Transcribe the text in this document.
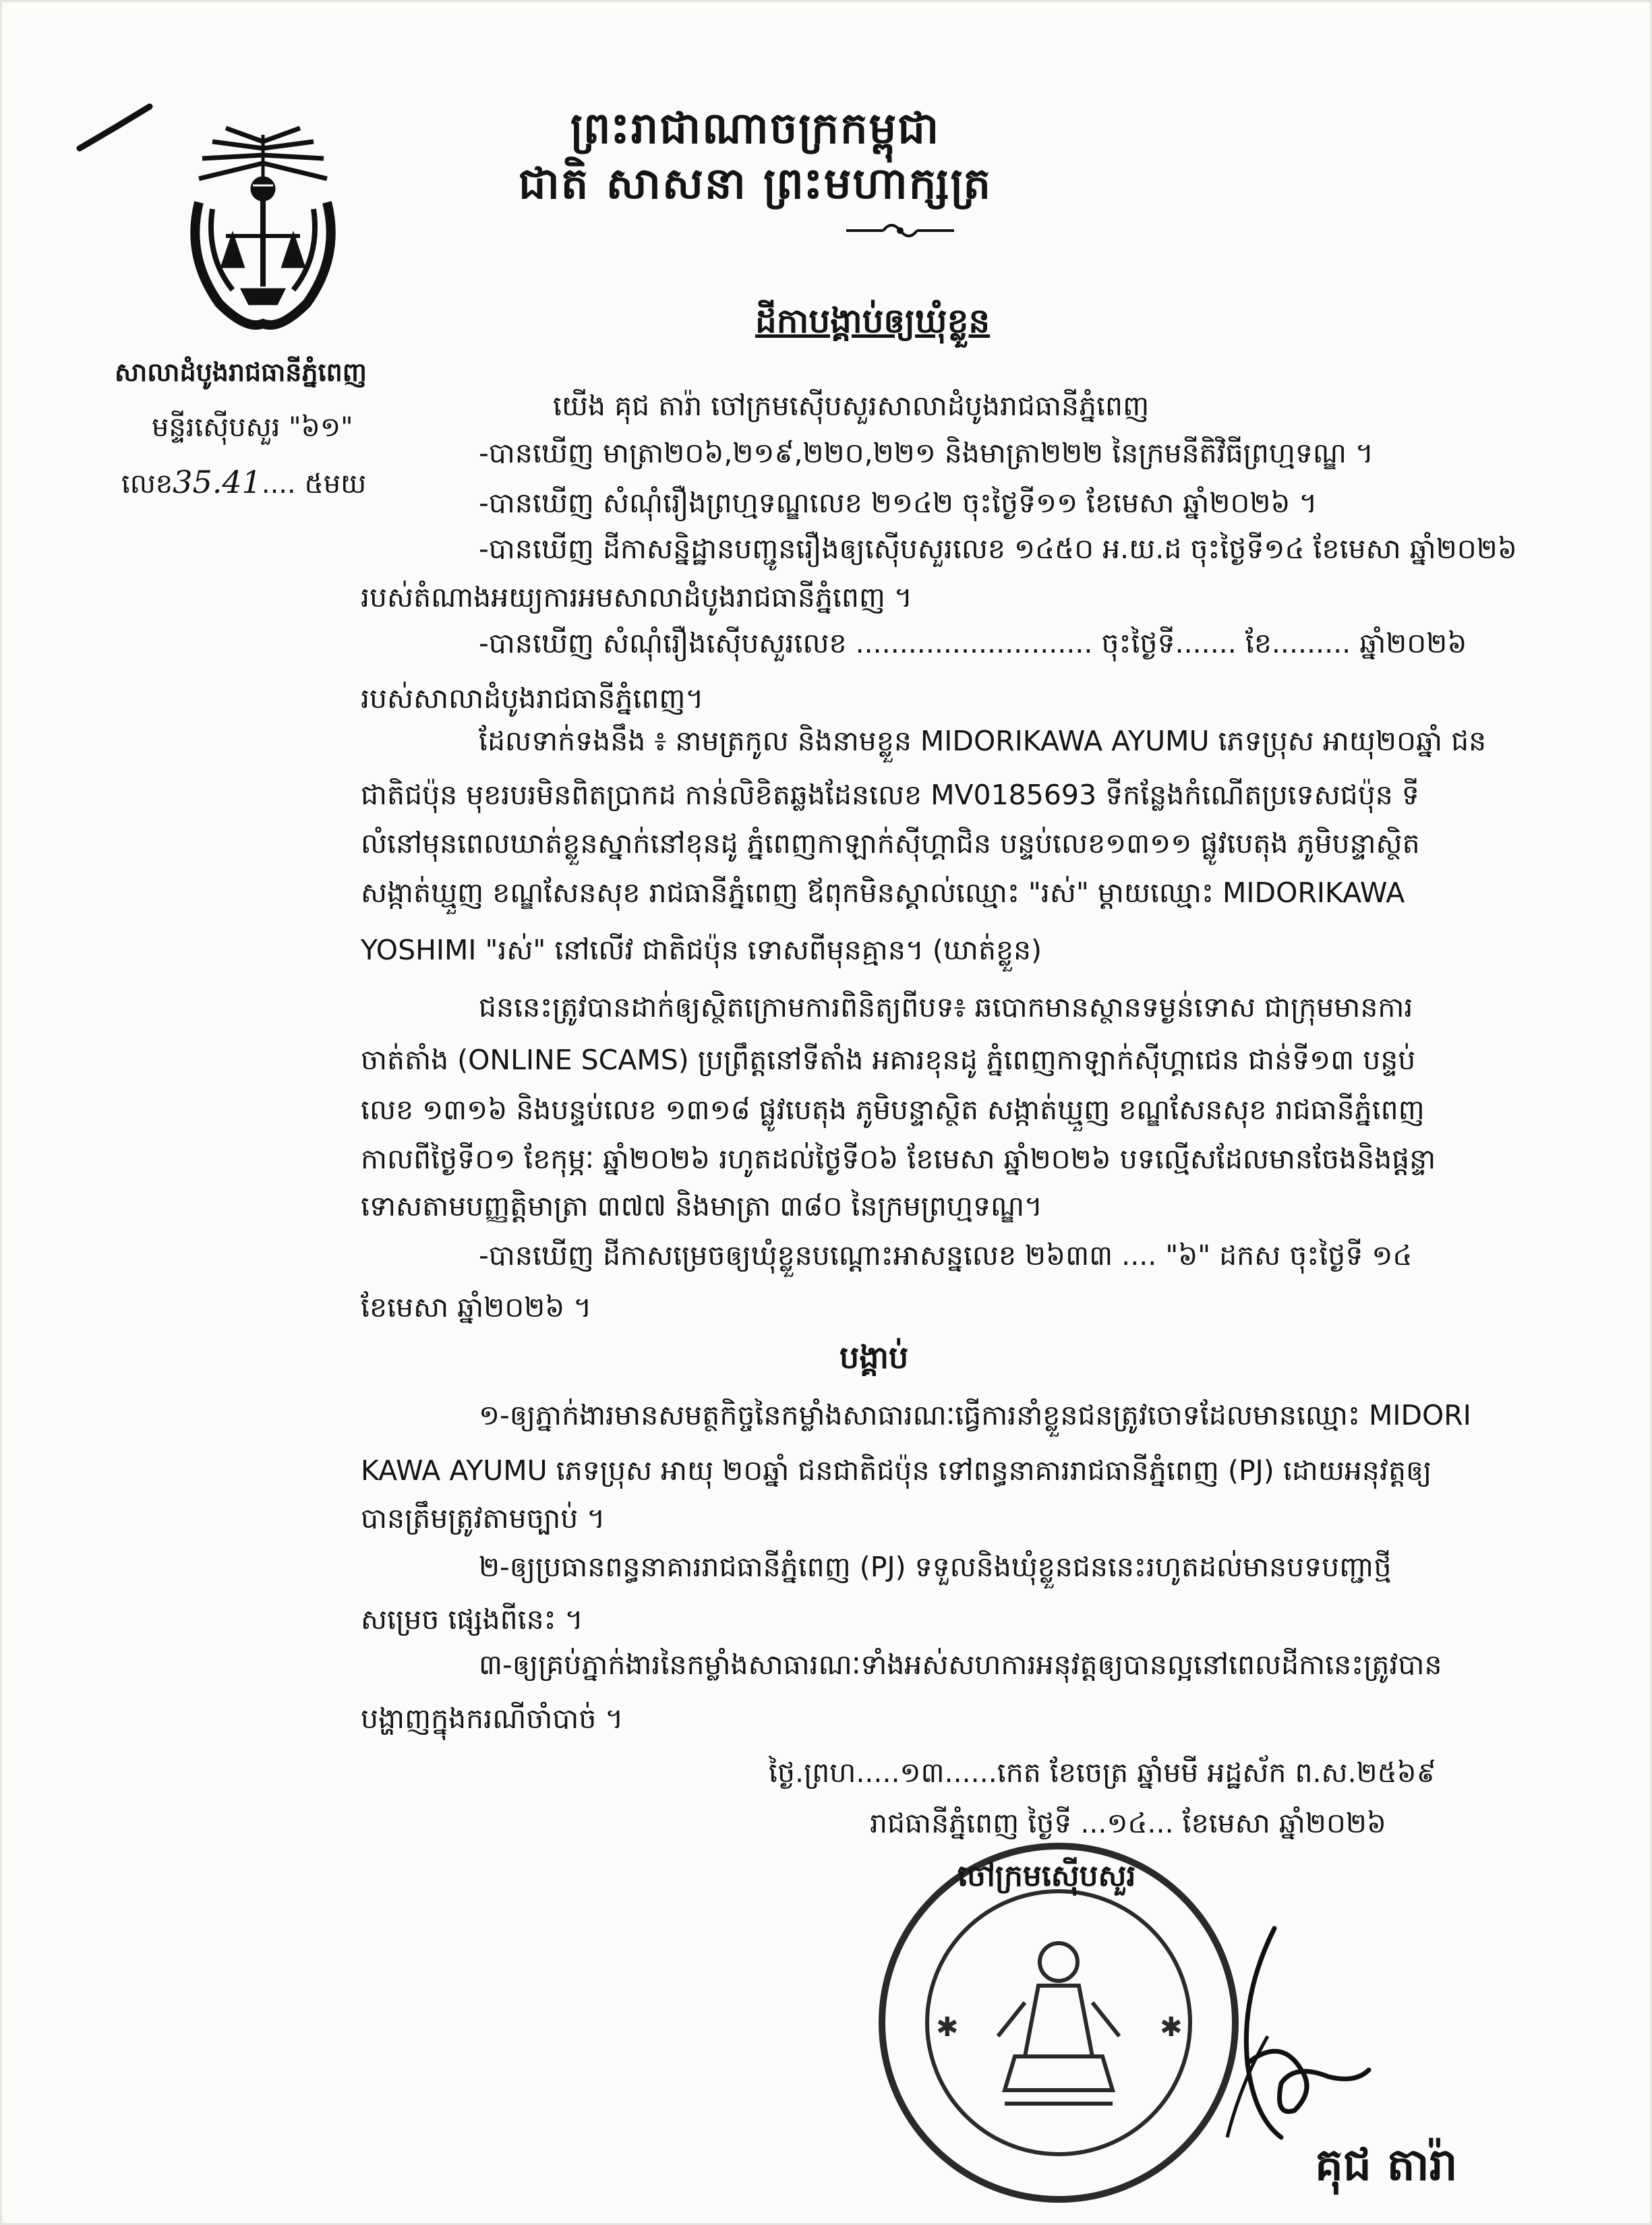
សាលាដំបូងរាជធានីភ្នំពេញ
មន្ទីរស៊ើបសួរ "៦១"
លេខ35.41.... ៥មយ
ព្រះរាជាណាចក្រកម្ពុជា
ជាតិ សាសនា ព្រះមហាក្សត្រ
ដីកាបង្គាប់ឲ្យឃុំខ្លួន
យើង គុជ តារ៉ា ចៅក្រមស៊ើបសួរសាលាដំបូងរាជធានីភ្នំពេញ
-បានឃើញ មាត្រា២០៦,២១៩,២២០,២២១ និងមាត្រា២២២ នៃក្រមនីតិវិធីព្រហ្មទណ្ឌ ។
-បានឃើញ សំណុំរឿងព្រហ្មទណ្ឌលេខ ២១៤២ ចុះថ្ងៃទី១១ ខែមេសា ឆ្នាំ២០២៦ ។
-បានឃើញ ដីកាសន្និដ្ឋានបញ្ជូនរឿងឲ្យស៊ើបសួរលេខ ១៤៥០ អ.យ.ដ ចុះថ្ងៃទី១៤ ខែមេសា ឆ្នាំ២០២៦
របស់តំណាងអយ្យការអមសាលាដំបូងរាជធានីភ្នំពេញ ។
-បានឃើញ សំណុំរឿងស៊ើបសួរលេខ ........................... ចុះថ្ងៃទី....... ខែ......... ឆ្នាំ២០២៦
របស់សាលាដំបូងរាជធានីភ្នំពេញ។
ដែលទាក់ទងនឹង ៖ នាមត្រកូល និងនាមខ្លួន MIDORIKAWA AYUMU ភេទប្រុស អាយុ២០ឆ្នាំ ជន
ជាតិជប៉ុន មុខរបរមិនពិតប្រាកដ កាន់លិខិតឆ្លងដែនលេខ MV0185693 ទីកន្លែងកំណើតប្រទេសជប៉ុន ទី
លំនៅមុនពេលឃាត់ខ្លួនស្នាក់នៅខុនដូ ភ្នំពេញកាឡាក់ស៊ីហ្គាជិន បន្ទប់លេខ១៣១១ ផ្លូវបេតុង ភូមិបន្ទាស្ថិត
សង្កាត់ឃ្មួញ ខណ្ឌសែនសុខ រាជធានីភ្នំពេញ ឪពុកមិនស្គាល់ឈ្មោះ "រស់" ម្ដាយឈ្មោះ MIDORIKAWA
YOSHIMI "រស់" នៅលើវ ជាតិជប៉ុន ទោសពីមុនគ្មាន។ (ឃាត់ខ្លួន)
ជននេះត្រូវបានដាក់ឲ្យស្ថិតក្រោមការពិនិត្យពីបទ៖ ឆបោកមានស្ថានទម្ងន់ទោស ជាក្រុមមានការ
ចាត់តាំង (ONLINE SCAMS) ប្រព្រឹត្តនៅទីតាំង អគារខុនដូ ភ្នំពេញកាឡាក់ស៊ីហ្គាជេន ជាន់ទី១៣ បន្ទប់
លេខ ១៣១៦ និងបន្ទប់លេខ ១៣១៨ ផ្លូវបេតុង ភូមិបន្ទាស្ថិត សង្កាត់ឃ្មួញ ខណ្ឌសែនសុខ រាជធានីភ្នំពេញ
កាលពីថ្ងៃទី០១ ខែកុម្ភៈ ឆ្នាំ២០២៦ រហូតដល់ថ្ងៃទី០៦ ខែមេសា ឆ្នាំ២០២៦ បទល្មើសដែលមានចែងនិងផ្ដន្ទា
ទោសតាមបញ្ញត្តិមាត្រា ៣៧៧ និងមាត្រា ៣៨០ នៃក្រមព្រហ្មទណ្ឌ។
-បានឃើញ ដីកាសម្រេចឲ្យឃុំខ្លួនបណ្ដោះអាសន្នលេខ ២៦៣៣ .... "៦" ដកស ចុះថ្ងៃទី ១៤
ខែមេសា ឆ្នាំ២០២៦ ។
បង្គាប់
១-ឲ្យភ្នាក់ងារមានសមត្ថកិច្ចនៃកម្លាំងសាធារណៈធ្វើការនាំខ្លួនជនត្រូវចោទដែលមានឈ្មោះ MIDORI
KAWA AYUMU ភេទប្រុស អាយុ ២០ឆ្នាំ ជនជាតិជប៉ុន ទៅពន្ធនាគាររាជធានីភ្នំពេញ (PJ) ដោយអនុវត្តឲ្យ
បានត្រឹមត្រូវតាមច្បាប់ ។
២-ឲ្យប្រធានពន្ធនាគាររាជធានីភ្នំពេញ (PJ) ទទួលនិងឃុំខ្លួនជននេះរហូតដល់មានបទបញ្ជាថ្មី
សម្រេច ផ្សេងពីនេះ ។
៣-ឲ្យគ្រប់ភ្នាក់ងារនៃកម្លាំងសាធារណៈទាំងអស់សហការអនុវត្តឲ្យបានល្អនៅពេលដីកានេះត្រូវបាន
បង្ហាញក្នុងករណីចាំបាច់ ។
ថ្ងៃ.ព្រហ.....១៣......កេត ខែចេត្រ ឆ្នាំមមី អដ្ឋស័ក ព.ស.២៥៦៩
រាជធានីភ្នំពេញ ថ្ងៃទី ...១៤... ខែមេសា ឆ្នាំ២០២៦
✱	✱
ចៅក្រមស៊ើបសួរ
គុជ តារ៉ា
